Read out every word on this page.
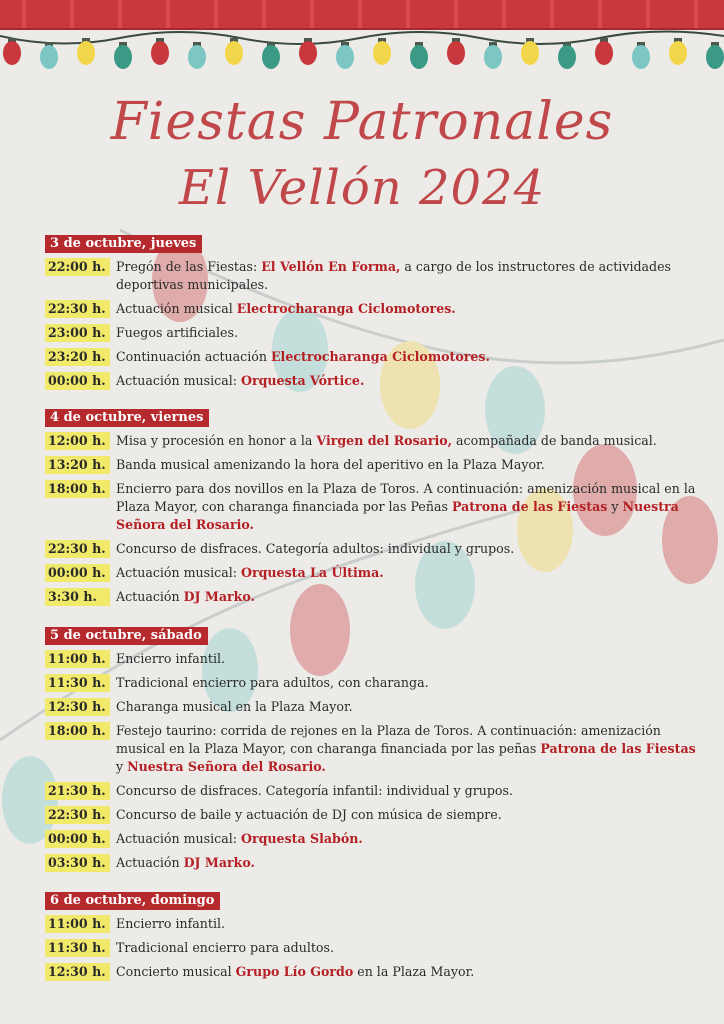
Fiestas Patronales
El Vellón 2024
3 de octubre, jueves
22:00 h. Pregón de las Fiestas: El Vellón En Forma, a cargo de los instructores de actividades deportivas municipales.
22:30 h. Actuación musical Electrocharanga Ciclomotores.
23:00 h. Fuegos artificiales.
23:20 h. Continuación actuación Electrocharanga Ciclomotores.
00:00 h. Actuación musical: Orquesta Vórtice.
4 de octubre, viernes
12:00 h. Misa y procesión en honor a la Virgen del Rosario, acompañada de banda musical.
13:20 h. Banda musical amenizando la hora del aperitivo en la Plaza Mayor.
18:00 h. Encierro para dos novillos en la Plaza de Toros. A continuación: amenización musical en la Plaza Mayor, con charanga financiada por las Peñas Patrona de las Fiestas y Nuestra Señora del Rosario.
22:30 h. Concurso de disfraces. Categoría adultos: individual y grupos.
00:00 h. Actuación musical: Orquesta La Última.
3:30 h.	Actuación DJ Marko.
5 de octubre, sábado
11:00 h. Encierro infantil.
11:30 h. Tradicional encierro para adultos, con charanga.
12:30 h. Charanga musical en la Plaza Mayor.
18:00 h. Festejo taurino: corrida de rejones en la Plaza de Toros. A continuación: amenización musical en la Plaza Mayor, con charanga financiada por las peñas Patrona de las Fiestas y Nuestra Señora del Rosario.
21:30 h. Concurso de disfraces. Categoría infantil: individual y grupos.
22:30 h. Concurso de baile y actuación de DJ con música de siempre.
00:00 h. Actuación musical: Orquesta Slabón.
03:30 h. Actuación DJ Marko.
6 de octubre, domingo
11:00 h. Encierro infantil.
11:30 h. Tradicional encierro para adultos.
12:30 h. Concierto musical Grupo Lío Gordo en la Plaza Mayor.
